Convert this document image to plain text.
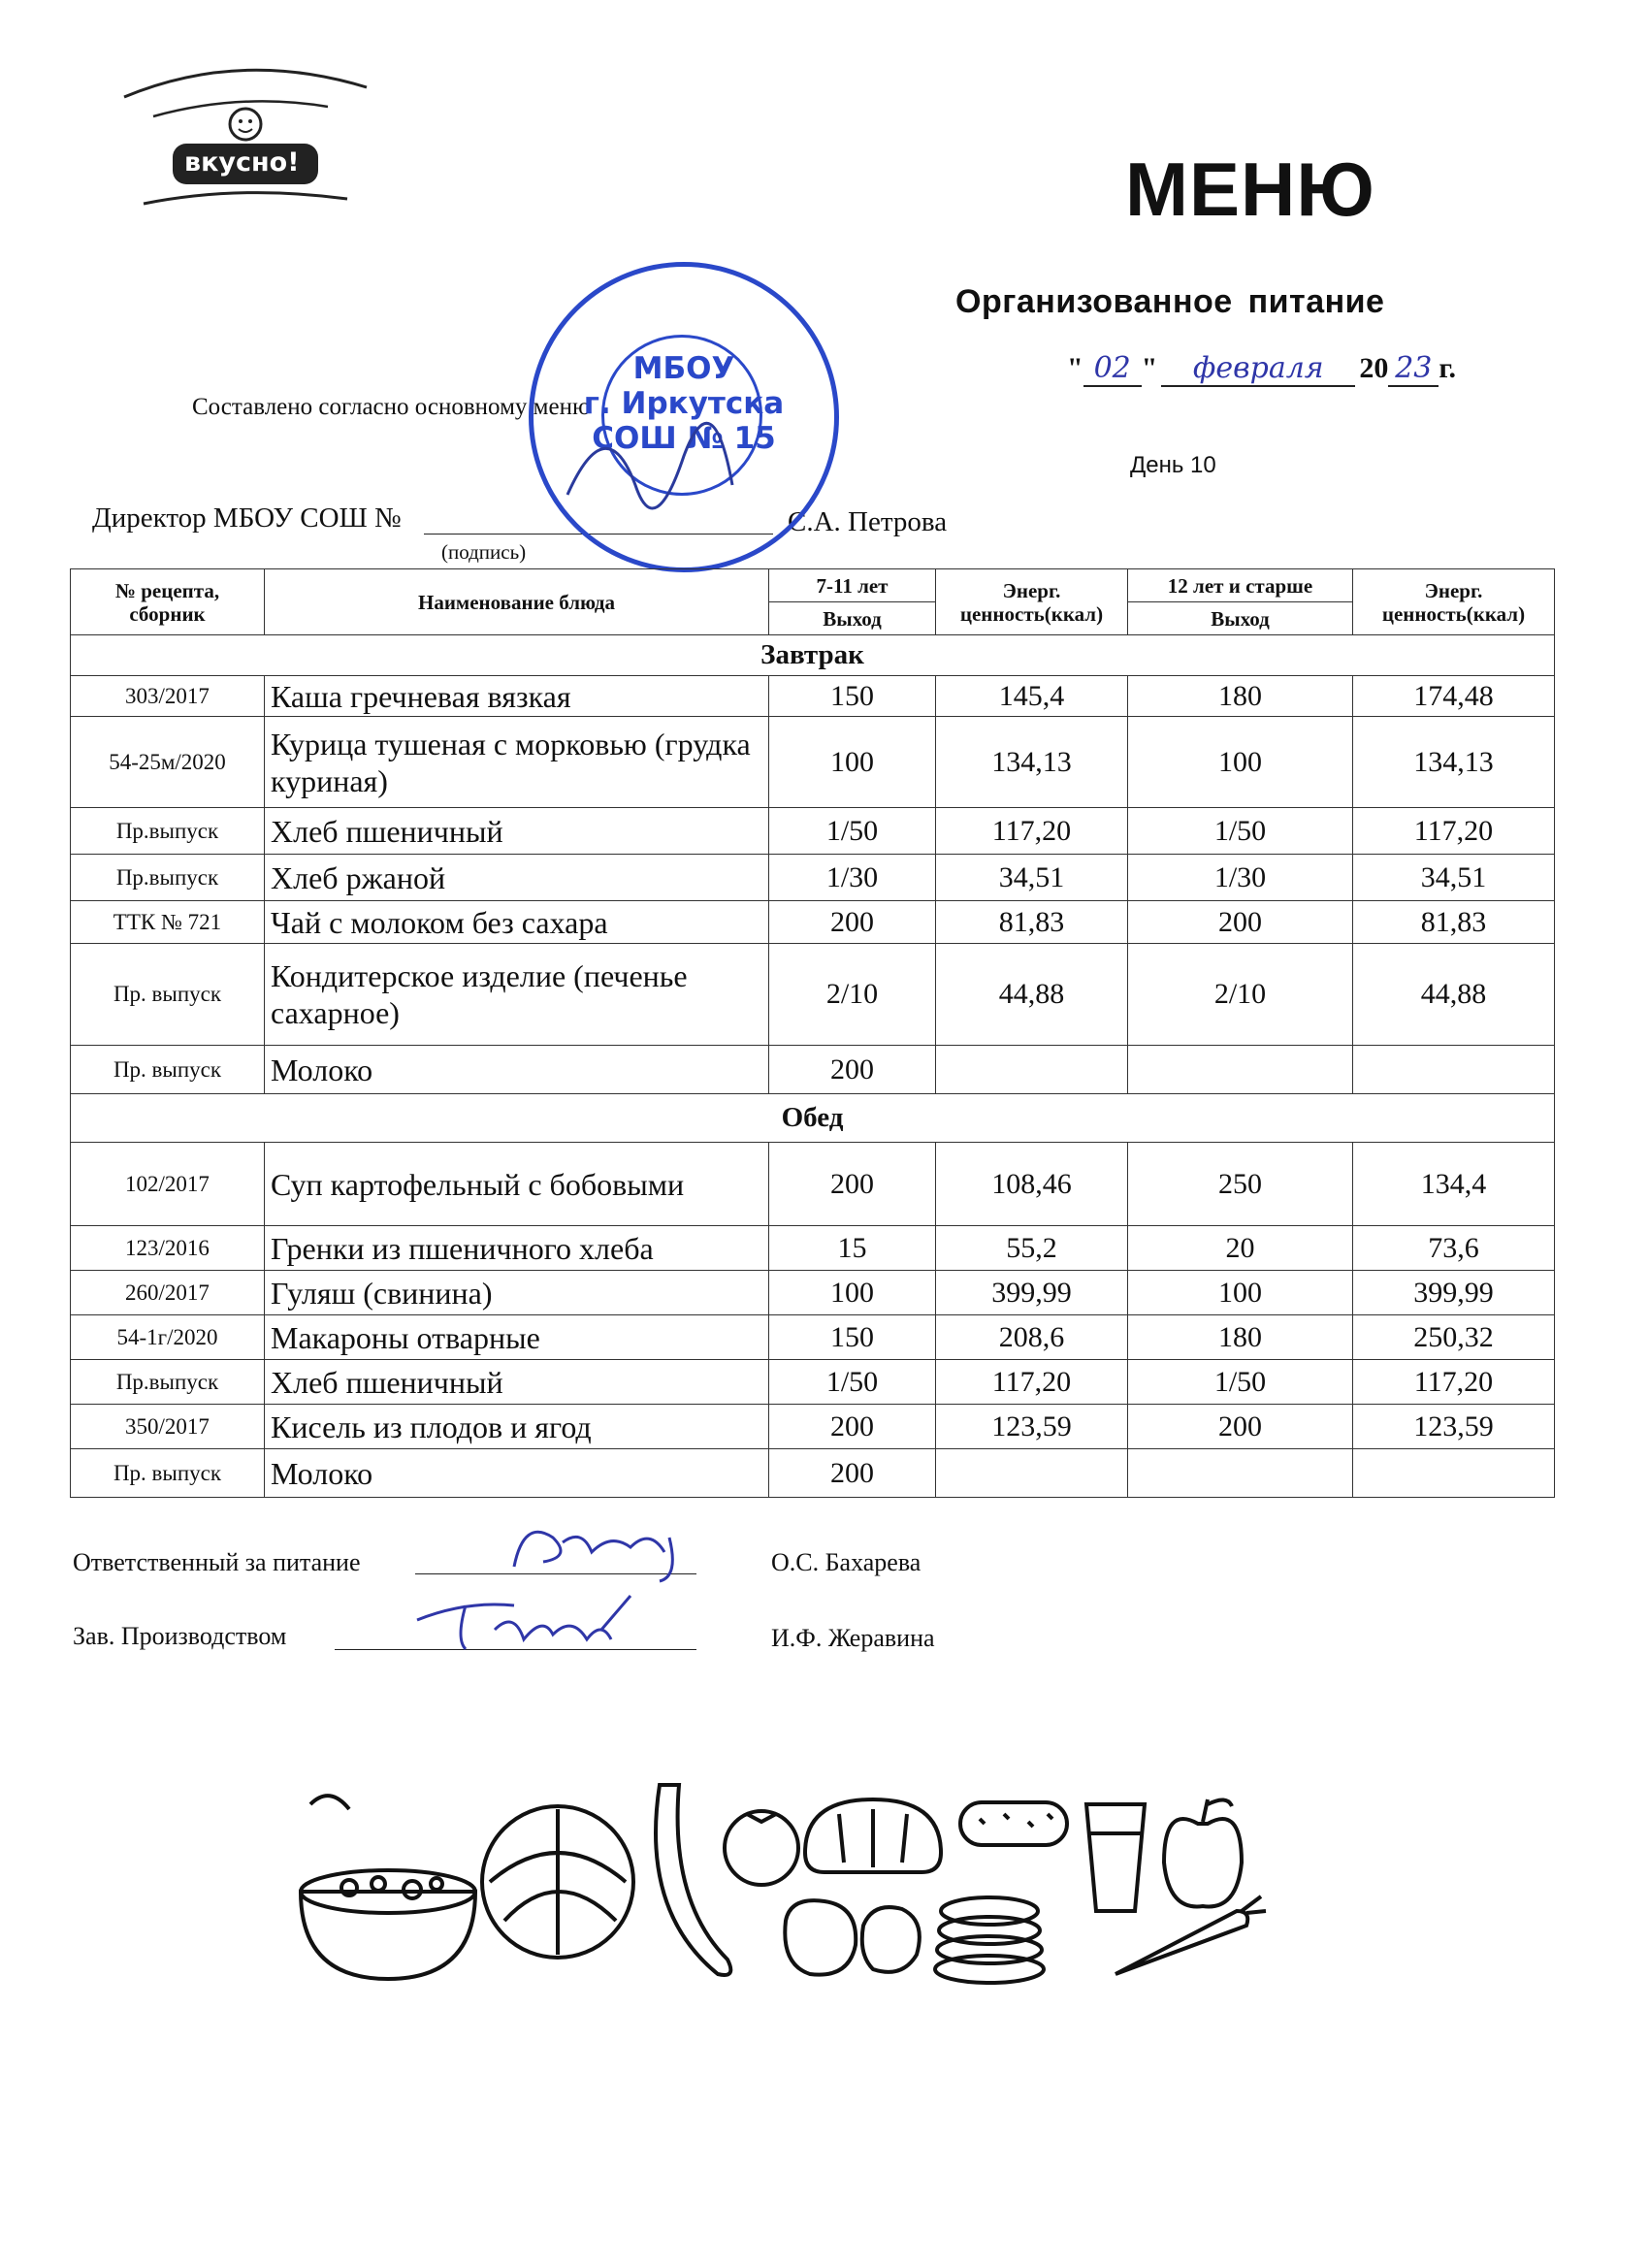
вкусно!	МЕНЮ
Организованное питание
" 02 " февраля 20 23 г.
Составлено согласно основному меню
День 10
Директор МБОУ СОШ №	С.А. Петрова
(подпись)
МБОУ
г. Иркутска
СОШ № 15
№ рецепта, сборник	Наименование блюда	7-11 лет	Энерг. ценность(ккал)	12 лет и старше	Энерг. ценность(ккал)
		Выход		Выход	
Завтрак					
303/2017	Каша гречневая вязкая	150	145,4	180	174,48
54-25м/2020	Курица тушеная с морковью (грудка куриная)	100	134,13	100	134,13
Пр.выпуск	Хлеб пшеничный	1/50	117,20	1/50	117,20
Пр.выпуск	Хлеб ржаной	1/30	34,51	1/30	34,51
ТТК № 721	Чай с молоком без сахара	200	81,83	200	81,83
Пр. выпуск	Кондитерское изделие (печенье сахарное)	2/10	44,88	2/10	44,88
Пр. выпуск	Молоко	200			
Обед					
102/2017	Суп картофельный с бобовыми	200	108,46	250	134,4
123/2016	Гренки из пшеничного хлеба	15	55,2	20	73,6
260/2017	Гуляш (свинина)	100	399,99	100	399,99
54-1г/2020	Макароны отварные	150	208,6	180	250,32
Пр.выпуск	Хлеб пшеничный	1/50	117,20	1/50	117,20
350/2017	Кисель из плодов и ягод	200	123,59	200	123,59
Пр. выпуск	Молоко	200			
Ответственный за питание	О.С. Бахарева
Зав. Производством	И.Ф. Жеравина
